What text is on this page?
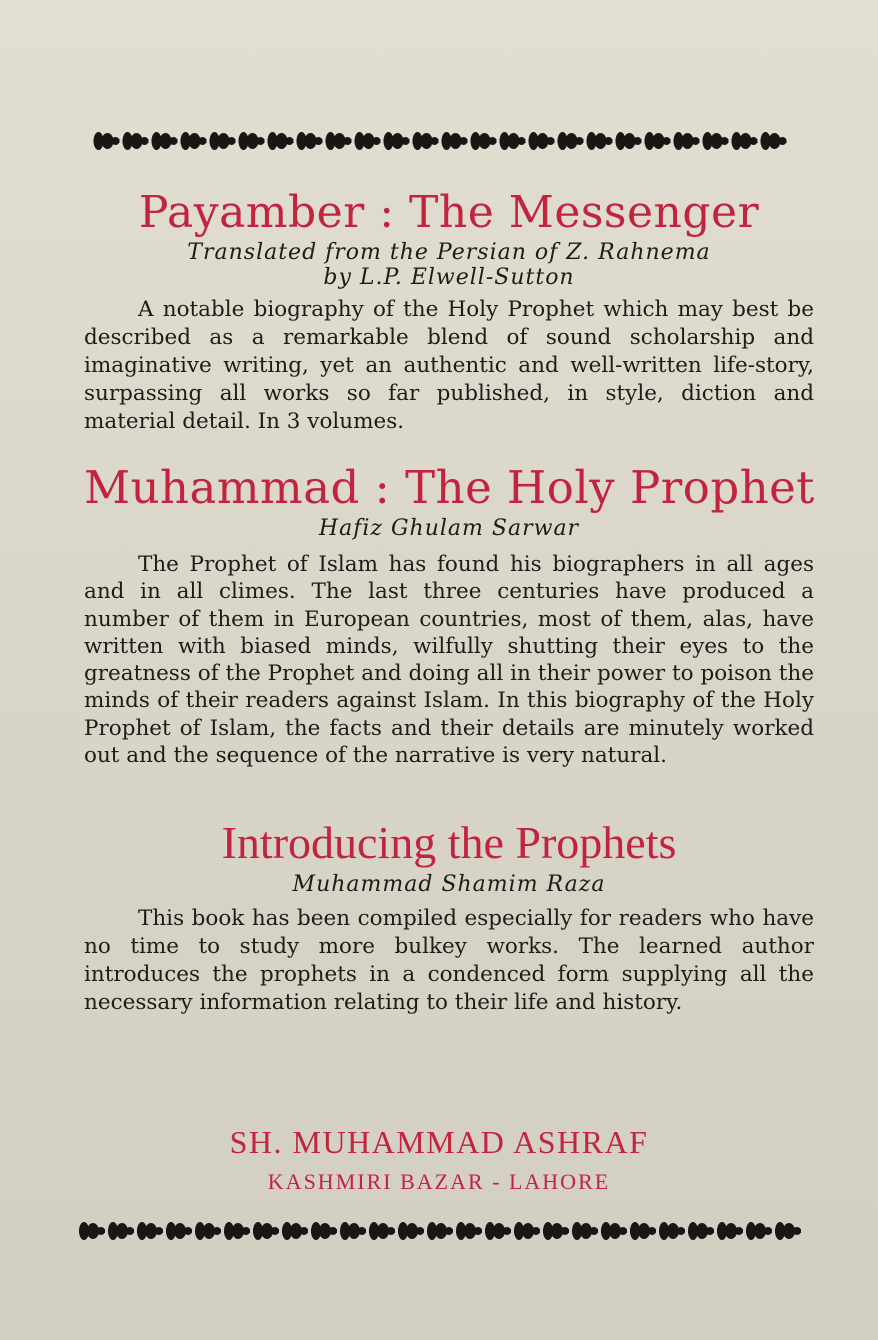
Payamber : The Messenger

Translated from the Persian of Z. Rahnema

by L.P. Elwell-Sutton

A notable biography of the Holy Prophet which may best be described as a remarkable blend of sound scholarship and imaginative writing, yet an authentic and well-written life-story, surpassing all works so far published, in style, diction and material detail. In 3 volumes.

Muhammad : The Holy Prophet

Hafiz Ghulam Sarwar

The Prophet of Islam has found his biographers in all ages and in all climes. The last three centuries have produced a number of them in European countries, most of them, alas, have written with biased minds, wilfully shutting their eyes to the greatness of the Prophet and doing all in their power to poison the minds of their readers against Islam. In this biography of the Holy Prophet of Islam, the facts and their details are minutely worked out and the sequence of the narrative is very natural.

Introducing the Prophets

Muhammad Shamim Raza

This book has been compiled especially for readers who have no time to study more bulkey works. The learned author introduces the prophets in a condenced form supplying all the necessary information relating to their life and history.

SH. MUHAMMAD ASHRAF

KASHMIRI BAZAR - LAHORE
